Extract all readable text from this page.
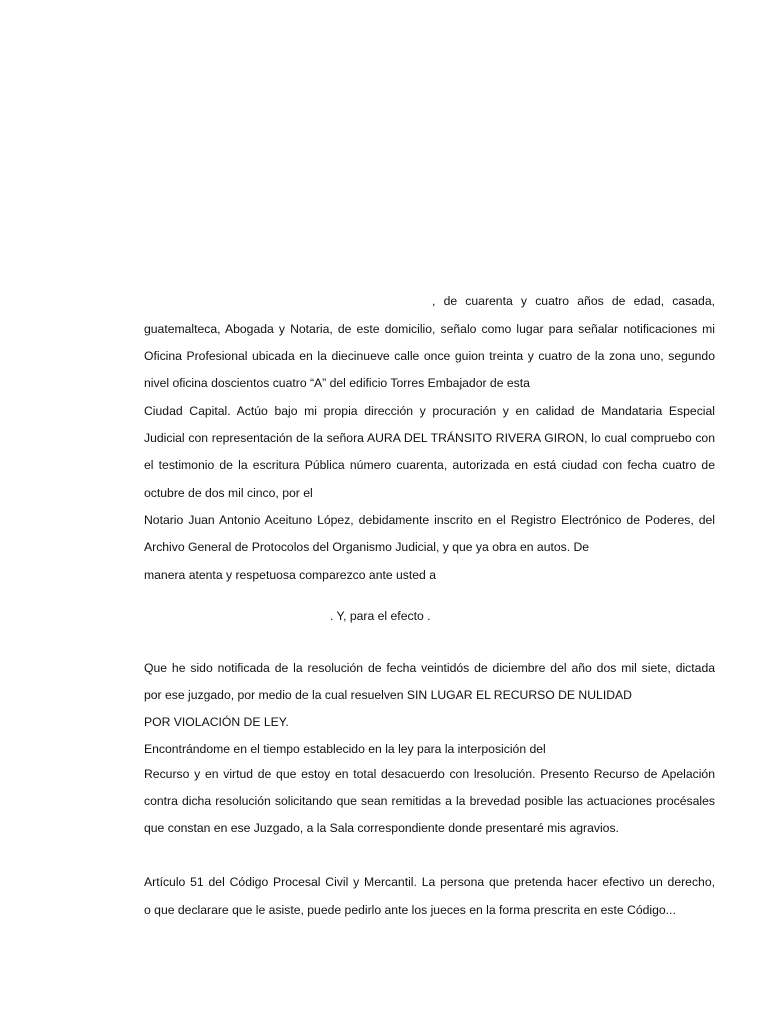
, de cuarenta y cuatro años de edad, casada,
guatemalteca, Abogada y Notaria, de este domicilio, señalo como lugar para señalar notificaciones mi
Oficina Profesional ubicada en la diecinueve calle once guion treinta y cuatro de la zona uno, segundo
nivel oficina doscientos cuatro “A” del edificio Torres Embajador de esta
Ciudad Capital. Actúo bajo mi propia dirección y procuración y en calidad de Mandataria Especial
Judicial con representación de la señora AURA DEL TRÁNSITO RIVERA GIRON, lo cual compruebo con
el testimonio de la escritura Pública número cuarenta, autorizada en está ciudad con fecha cuatro de
octubre de dos mil cinco, por el
Notario Juan Antonio Aceituno López, debidamente inscrito en el Registro Electrónico de Poderes, del
Archivo General de Protocolos del Organismo Judicial, y que ya obra en autos. De
manera atenta y respetuosa comparezco ante usted a
. Y, para el efecto .
Que he sido notificada de la resolución de fecha veintidós de diciembre del año dos mil siete, dictada
por ese juzgado, por medio de la cual resuelven SIN LUGAR EL RECURSO DE NULIDAD
POR VIOLACIÓN DE LEY.
Encontrándome en el tiempo establecido en la ley para la interposición del
Recurso y en virtud de que estoy en total desacuerdo con lresolución. Presento Recurso de Apelación
contra dicha resolución solicitando que sean remitidas a la brevedad posible las actuaciones procésales
que constan en ese Juzgado, a la Sala correspondiente donde presentaré mis agravios.
Artículo 51 del Código Procesal Civil y Mercantil. La persona que pretenda hacer efectivo un derecho,
o que declarare que le asiste, puede pedirlo ante los jueces en la forma prescrita en este Código...
